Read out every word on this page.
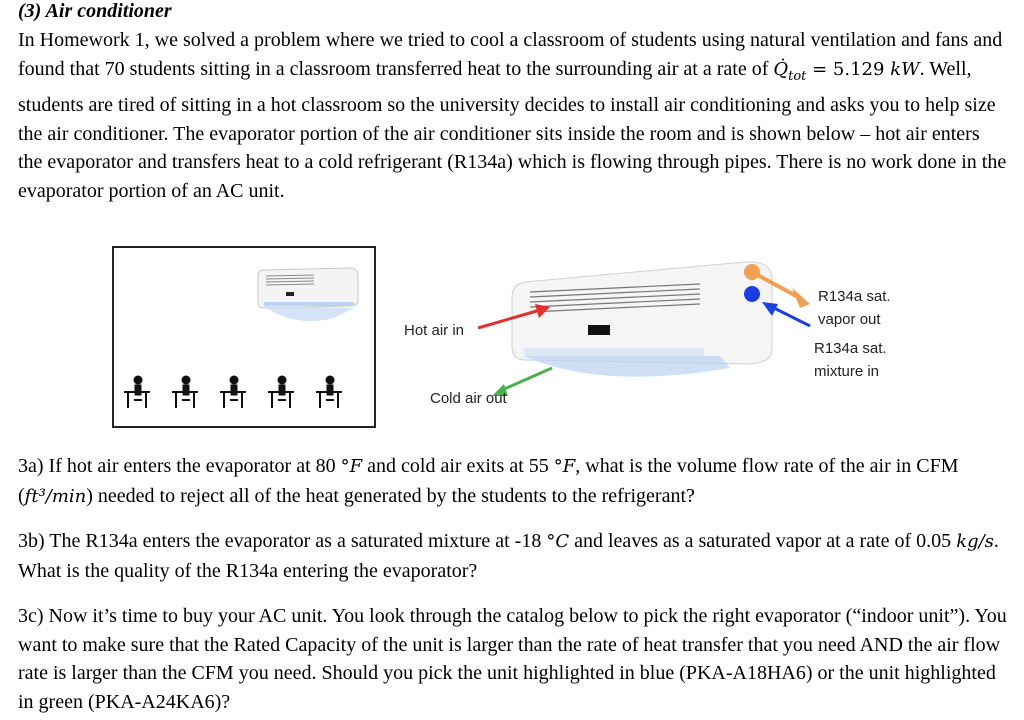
(3) Air conditioner
In Homework 1, we solved a problem where we tried to cool a classroom of students using natural ventilation and fans and found that 70 students sitting in a classroom transferred heat to the surrounding air at a rate of $Q̇_{tot} = 5.129$ kW. Well, students are tired of sitting in a hot classroom so the university decides to install air conditioning and asks you to help size the air conditioner. The evaporator portion of the air conditioner sits inside the room and is shown below – hot air enters the evaporator and transfers heat to a cold refrigerant (R134a) which is flowing through pipes. There is no work done in the evaporator portion of an AC unit.
Hot air in
Cold air out
R134a sat.
vapor out
R134a sat.
mixture in
3a) If hot air enters the evaporator at 80 °F and cold air exits at 55 °F, what is the volume flow rate of the air in CFM (ft³/min) needed to reject all of the heat generated by the students to the refrigerant?
3b) The R134a enters the evaporator as a saturated mixture at -18 °C and leaves as a saturated vapor at a rate of 0.05 kg/s. What is the quality of the R134a entering the evaporator?
3c) Now it’s time to buy your AC unit. You look through the catalog below to pick the right evaporator (“indoor unit”). You want to make sure that the Rated Capacity of the unit is larger than the rate of heat transfer that you need AND the air flow rate is larger than the CFM you need. Should you pick the unit highlighted in blue (PKA-A18HA6) or the unit highlighted in green (PKA-A24KA6)?
